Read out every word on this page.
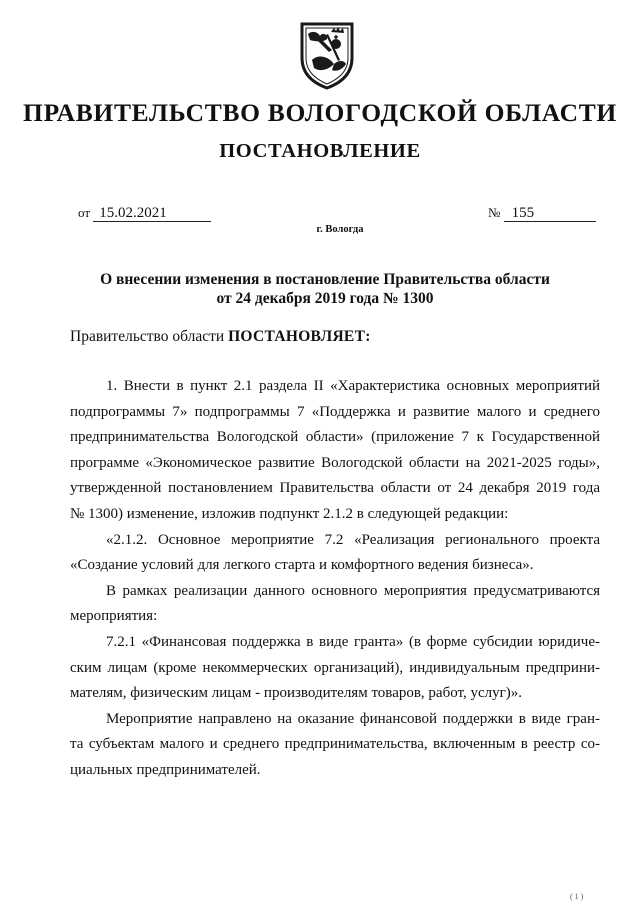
ПРАВИТЕЛЬСТВО ВОЛОГОДСКОЙ ОБЛАСТИ
ПОСТАНОВЛЕНИЕ
от 15.02.2021	№ 155
г. Вологда
О внесении изменения в постановление Правительства области
от 24 декабря 2019 года № 1300
Правительство области ПОСТАНОВЛЯЕТ:
1. Внести в пункт 2.1 раздела II «Характеристика основных мероприятий
подпрограммы 7» подпрограммы 7 «Поддержка и развитие малого и среднего
предпринимательства Вологодской области» (приложение 7 к Государственной
программе «Экономическое развитие Вологодской области на 2021-2025 годы»,
утвержденной постановлением Правительства области от 24 декабря 2019 года
№ 1300) изменение, изложив подпункт 2.1.2 в следующей редакции:
«2.1.2. Основное мероприятие 7.2 «Реализация регионального проекта
«Создание условий для легкого старта и комфортного ведения бизнеса».
В рамках реализации данного основного мероприятия предусматриваются
мероприятия:
7.2.1 «Финансовая поддержка в виде гранта» (в форме субсидии юридиче-
ским лицам (кроме некоммерческих организаций), индивидуальным предприни-
мателям, физическим лицам - производителям товаров, работ, услуг)».
Мероприятие направлено на оказание финансовой поддержки в виде гран-
та субъектам малого и среднего предпринимательства, включенным в реестр со-
циальных предпринимателей.
( 1 )
